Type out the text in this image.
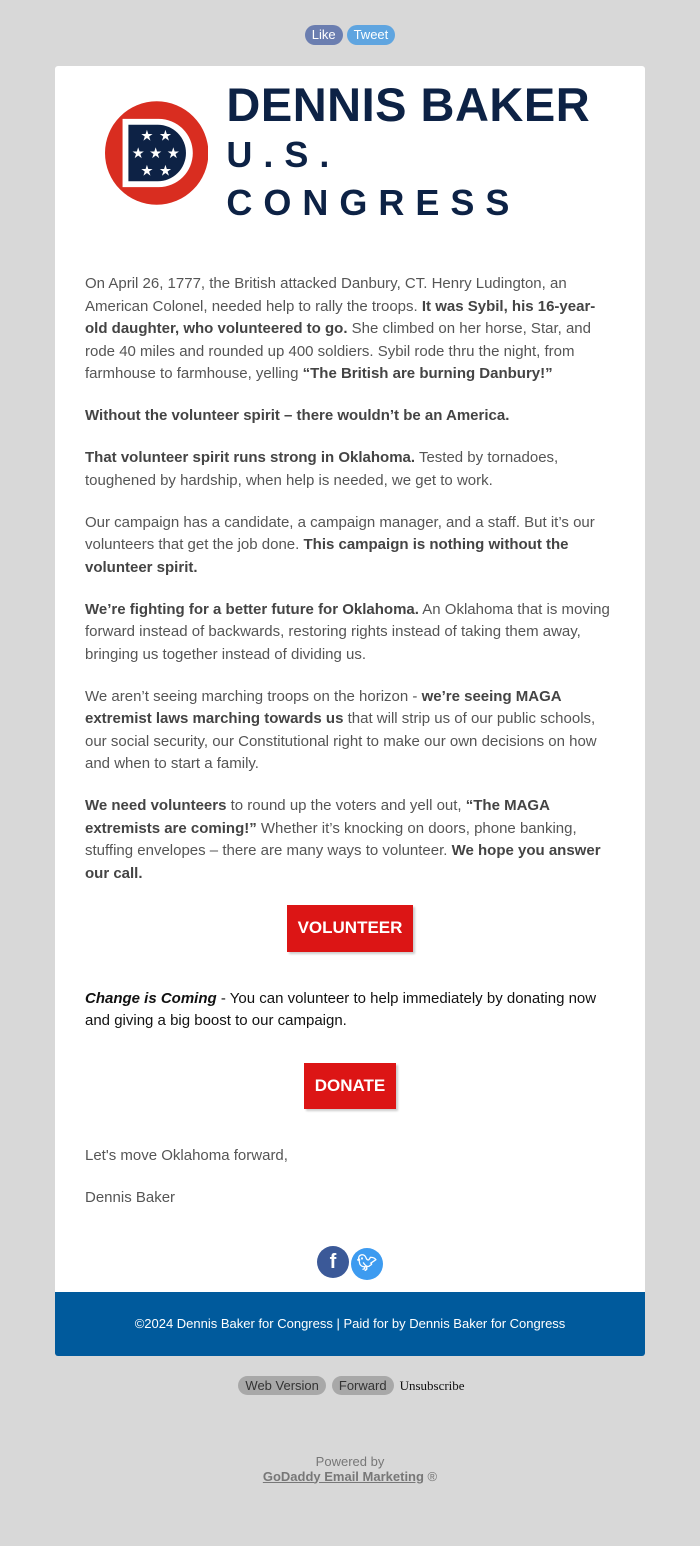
Like Tweet
★ ★
★ ★ ★
★ ★
DENNIS BAKER
U.S. CONGRESS

On April 26, 1777, the British attacked Danbury, CT. Henry Ludington, an American Colonel, needed help to rally the troops. It was Sybil, his 16-year-old daughter, who volunteered to go. She climbed on her horse, Star, and rode 40 miles and rounded up 400 soldiers. Sybil rode thru the night, from farmhouse to farmhouse, yelling “The British are burning Danbury!”

Without the volunteer spirit – there wouldn’t be an America.

That volunteer spirit runs strong in Oklahoma. Tested by tornadoes, toughened by hardship, when help is needed, we get to work.

Our campaign has a candidate, a campaign manager, and a staff. But it’s our volunteers that get the job done. This campaign is nothing without the volunteer spirit.

We’re fighting for a better future for Oklahoma. An Oklahoma that is moving forward instead of backwards, restoring rights instead of taking them away, bringing us together instead of dividing us.

We aren’t seeing marching troops on the horizon - we’re seeing MAGA extremist laws marching towards us that will strip us of our public schools, our social security, our Constitutional right to make our own decisions on how and when to start a family.

We need volunteers to round up the voters and yell out, “The MAGA extremists are coming!” Whether it’s knocking on doors, phone banking, stuffing envelopes – there are many ways to volunteer. We hope you answer our call.

VOLUNTEER

Change is Coming - You can volunteer to help immediately by donating now and giving a big boost to our campaign.

DONATE

Let's move Oklahoma forward,

Dennis Baker

f 🐦︎
©2024 Dennis Baker for Congress | Paid for by Dennis Baker for Congress
Web Version Forward Unsubscribe
Powered by
GoDaddy Email Marketing ®
